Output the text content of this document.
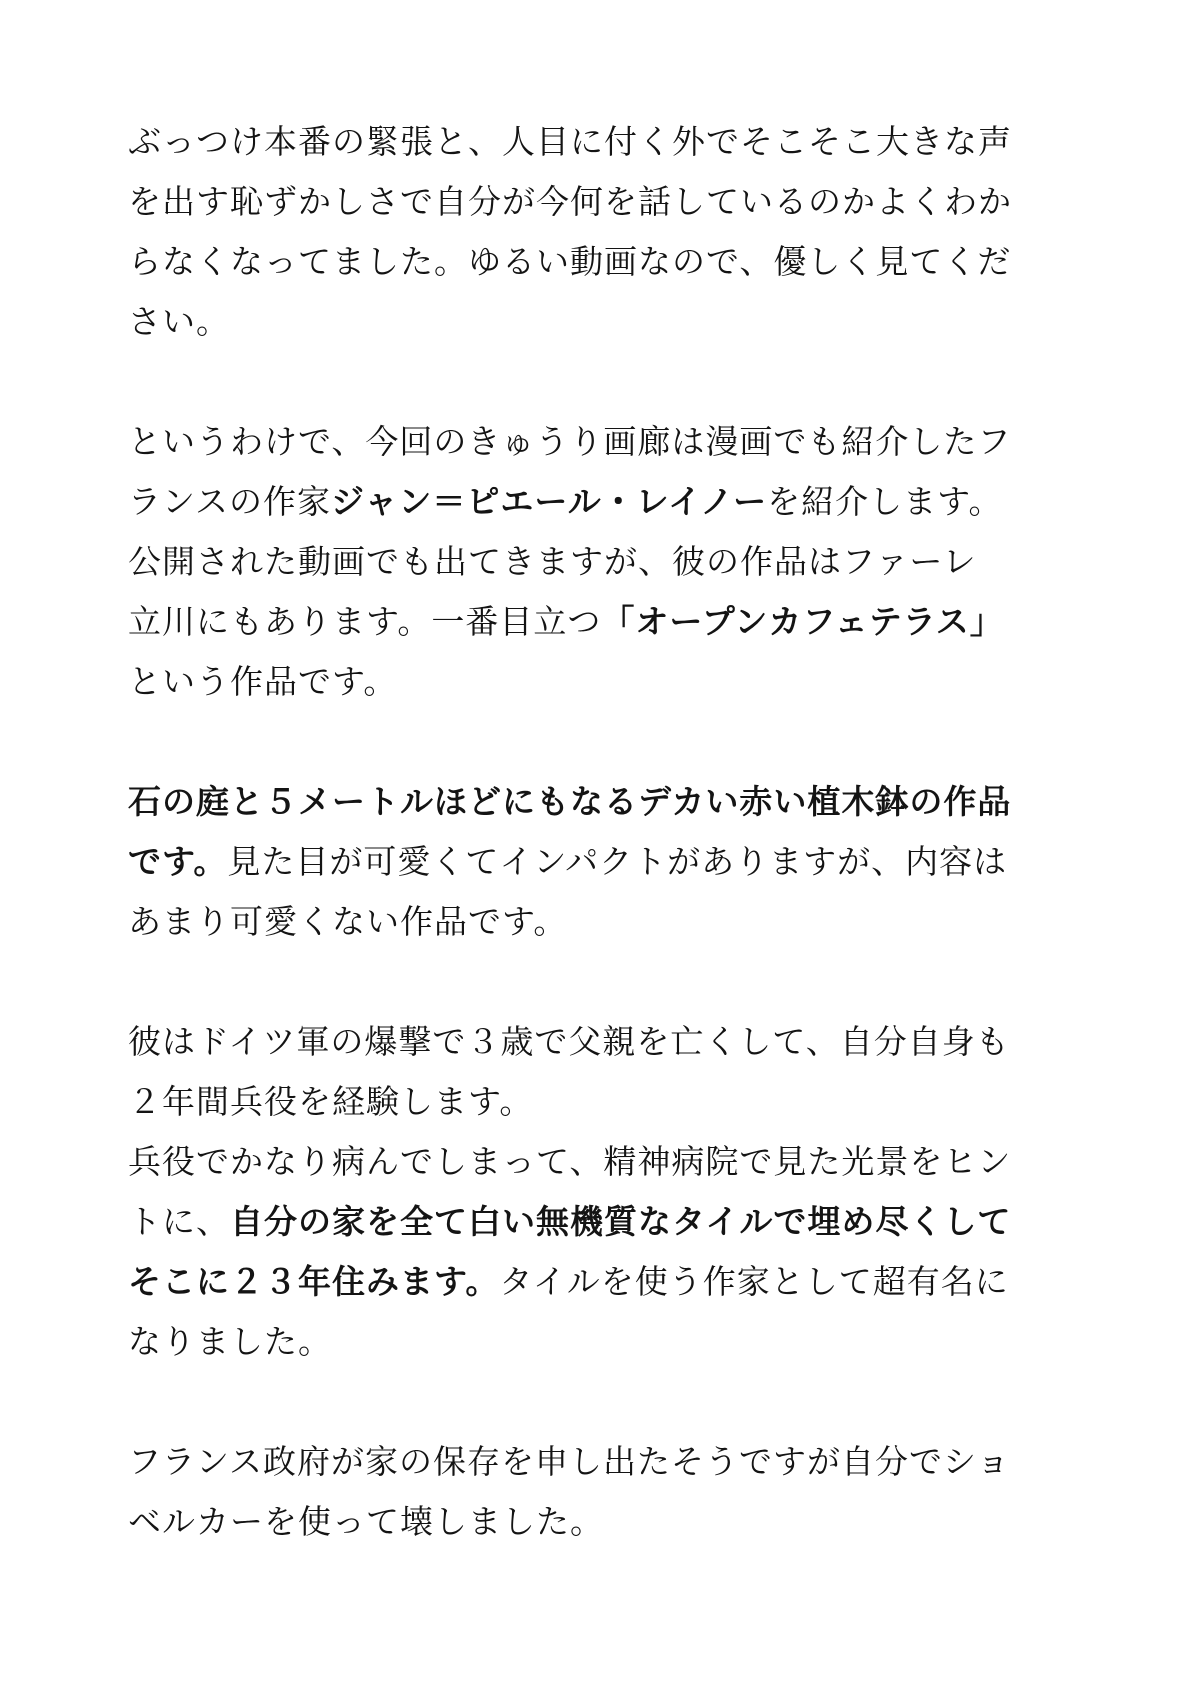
ぶっつけ本番の緊張と、人目に付く外でそこそこ大きな声

を出す恥ずかしさで自分が今何を話しているのかよくわか

らなくなってました。ゆるい動画なので、優しく見てくだ

さい。

というわけで、今回のきゅうり画廊は漫画でも紹介したフ

ランスの作家ジャン＝ピエール・レイノーを紹介します。

公開された動画でも出てきますが、彼の作品はファーレ

立川にもあります。一番目立つ「オープンカフェテラス」

という作品です。

石の庭と５メートルほどにもなるデカい赤い植木鉢の作品

です。見た目が可愛くてインパクトがありますが、内容は

あまり可愛くない作品です。

彼はドイツ軍の爆撃で３歳で父親を亡くして、自分自身も

２年間兵役を経験します。

兵役でかなり病んでしまって、精神病院で見た光景をヒン

トに、自分の家を全て白い無機質なタイルで埋め尽くして

そこに２３年住みます。タイルを使う作家として超有名に

なりました。

フランス政府が家の保存を申し出たそうですが自分でショ

ベルカーを使って壊しました。
